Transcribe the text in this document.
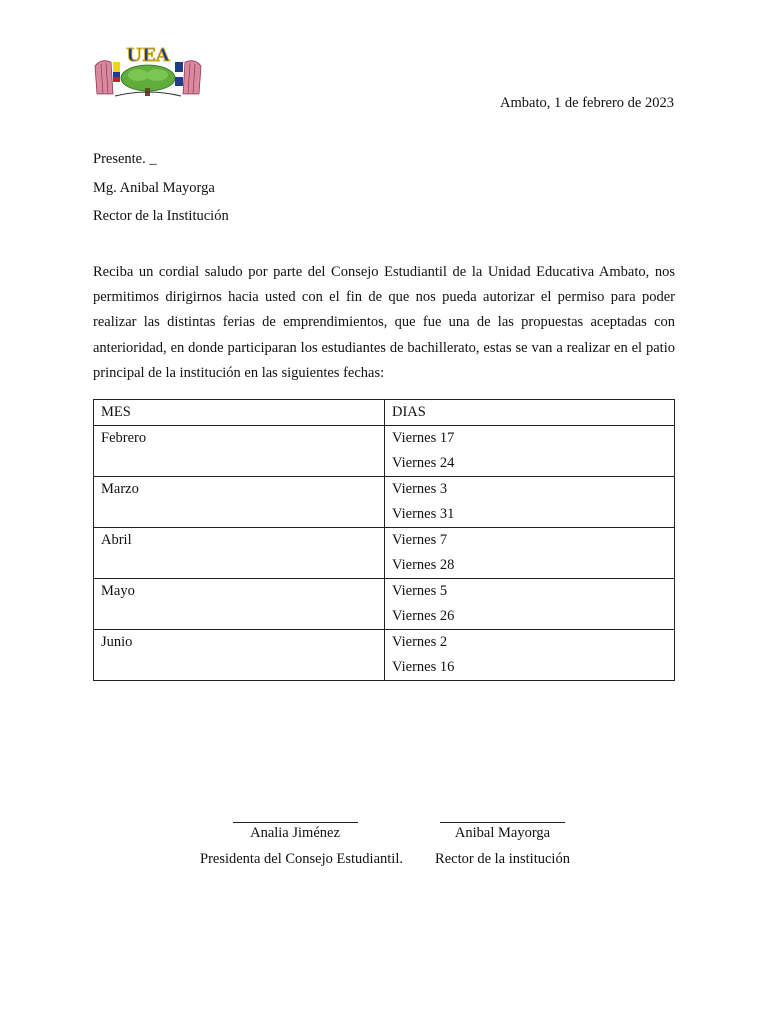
UEA
Ambato, 1 de febrero de 2023
Presente. _
Mg. Anibal Mayorga
Rector de la Institución

Reciba un cordial saludo por parte del Consejo Estudiantil de la Unidad Educativa Ambato, nos permitimos dirigirnos hacia usted con el fin de que nos pueda autorizar el permiso para poder realizar las distintas ferias de emprendimientos, que fue una de las propuestas aceptadas con anterioridad, en donde participaran los estudiantes de bachillerato, estas se van a realizar en el patio principal de la institución en las siguientes fechas:

MES	DIAS
Febrero	Viernes 17
Viernes 24

Marzo	Viernes 3
Viernes 31

Abril	Viernes 7
Viernes 28

Mayo	Viernes 5
Viernes 26

Junio	Viernes 2
Viernes 16
Analia Jiménez
Presidenta del Consejo Estudiantil.
Anibal Mayorga
Rector de la institución
